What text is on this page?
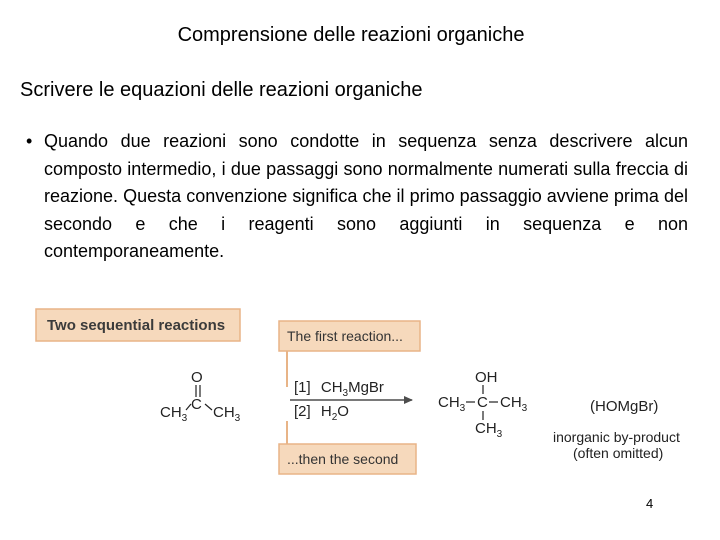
Comprensione delle reazioni organiche
Scrivere le equazioni delle reazioni organiche
• Quando due reazioni sono condotte in sequenza senza descrivere alcun composto intermedio, i due passaggi sono normalmente numerati sulla freccia di reazione. Questa convenzione significa che il primo passaggio avviene prima del secondo e che i reagenti sono aggiunti in sequenza e non contemporaneamente.
Two sequential reactions
The first reaction...
...then the second
O
$CH_3$
C $CH_3$
[1] $CH_3MgBr$
[2] $H_2O$
OH
$CH_3$ C $CH_3$
$CH_3$
(HOMgBr)
inorganic by-product
(often omitted)
4
